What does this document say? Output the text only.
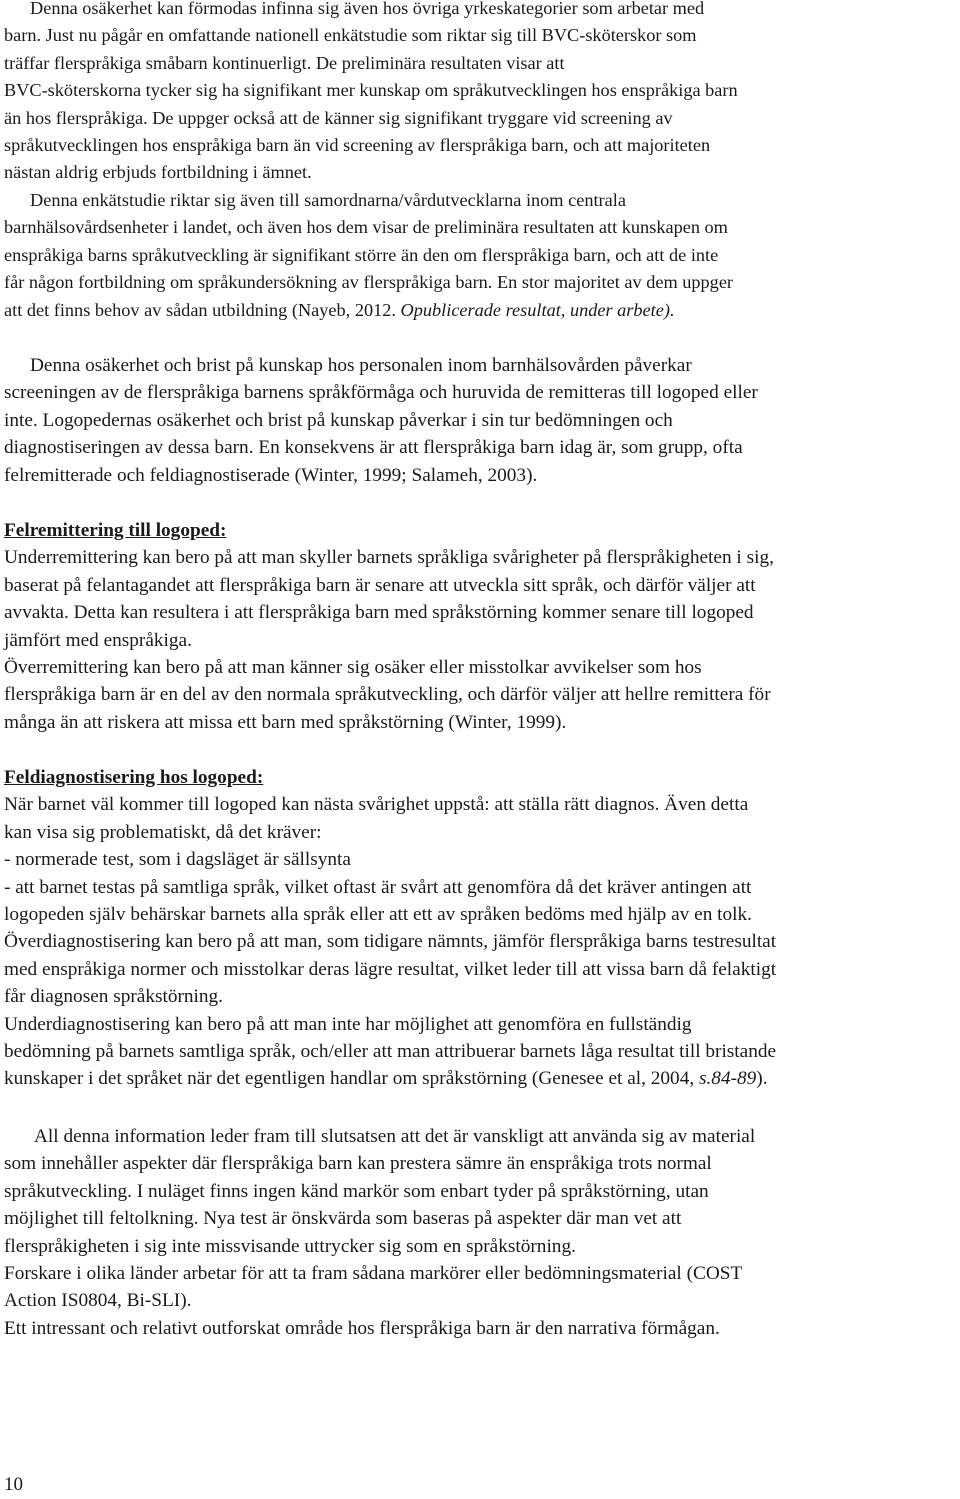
Denna osäkerhet kan förmodas infinna sig även hos övriga yrkeskategorier som arbetar med
barn. Just nu pågår en omfattande nationell enkätstudie som riktar sig till BVC-sköterskor som
träffar flerspråkiga småbarn kontinuerligt. De preliminära resultaten visar att
BVC-sköterskorna tycker sig ha signifikant mer kunskap om språkutvecklingen hos enspråkiga barn
än hos flerspråkiga. De uppger också att de känner sig signifikant tryggare vid screening av
språkutvecklingen hos enspråkiga barn än vid screening av flerspråkiga barn, och att majoriteten
nästan aldrig erbjuds fortbildning i ämnet.
Denna enkätstudie riktar sig även till samordnarna/vårdutvecklarna inom centrala
barnhälsovårdsenheter i landet, och även hos dem visar de preliminära resultaten att kunskapen om
enspråkiga barns språkutveckling är signifikant större än den om flerspråkiga barn, och att de inte
får någon fortbildning om språkundersökning av flerspråkiga barn. En stor majoritet av dem uppger
att det finns behov av sådan utbildning (Nayeb, 2012. Opublicerade resultat, under arbete).
Denna osäkerhet och brist på kunskap hos personalen inom barnhälsovården påverkar
screeningen av de flerspråkiga barnens språkförmåga och huruvida de remitteras till logoped eller
inte. Logopedernas osäkerhet och brist på kunskap påverkar i sin tur bedömningen och
diagnostiseringen av dessa barn. En konsekvens är att flerspråkiga barn idag är, som grupp, ofta
felremitterade och feldiagnostiserade (Winter, 1999; Salameh, 2003).
Felremittering till logoped:
Underremittering kan bero på att man skyller barnets språkliga svårigheter på flerspråkigheten i sig,
baserat på felantagandet att flerspråkiga barn är senare att utveckla sitt språk, och därför väljer att
avvakta. Detta kan resultera i att flerspråkiga barn med språkstörning kommer senare till logoped
jämfört med enspråkiga.
Överremittering kan bero på att man känner sig osäker eller misstolkar avvikelser som hos
flerspråkiga barn är en del av den normala språkutveckling, och därför väljer att hellre remittera för
många än att riskera att missa ett barn med språkstörning (Winter, 1999).
Feldiagnostisering hos logoped:
När barnet väl kommer till logoped kan nästa svårighet uppstå: att ställa rätt diagnos. Även detta
kan visa sig problematiskt, då det kräver:
- normerade test, som i dagsläget är sällsynta
- att barnet testas på samtliga språk, vilket oftast är svårt att genomföra då det kräver antingen att
logopeden själv behärskar barnets alla språk eller att ett av språken bedöms med hjälp av en tolk.
Överdiagnostisering kan bero på att man, som tidigare nämnts, jämför flerspråkiga barns testresultat
med enspråkiga normer och misstolkar deras lägre resultat, vilket leder till att vissa barn då felaktigt
får diagnosen språkstörning.
Underdiagnostisering kan bero på att man inte har möjlighet att genomföra en fullständig
bedömning på barnets samtliga språk, och/eller att man attribuerar barnets låga resultat till bristande
kunskaper i det språket när det egentligen handlar om språkstörning (Genesee et al, 2004, s.84-89).
All denna information leder fram till slutsatsen att det är vanskligt att använda sig av material
som innehåller aspekter där flerspråkiga barn kan prestera sämre än enspråkiga trots normal
språkutveckling. I nuläget finns ingen känd markör som enbart tyder på språkstörning, utan
möjlighet till feltolkning. Nya test är önskvärda som baseras på aspekter där man vet att
flerspråkigheten i sig inte missvisande uttrycker sig som en språkstörning.
Forskare i olika länder arbetar för att ta fram sådana markörer eller bedömningsmaterial (COST
Action IS0804, Bi-SLI).
Ett intressant och relativt outforskat område hos flerspråkiga barn är den narrativa förmågan.
10
